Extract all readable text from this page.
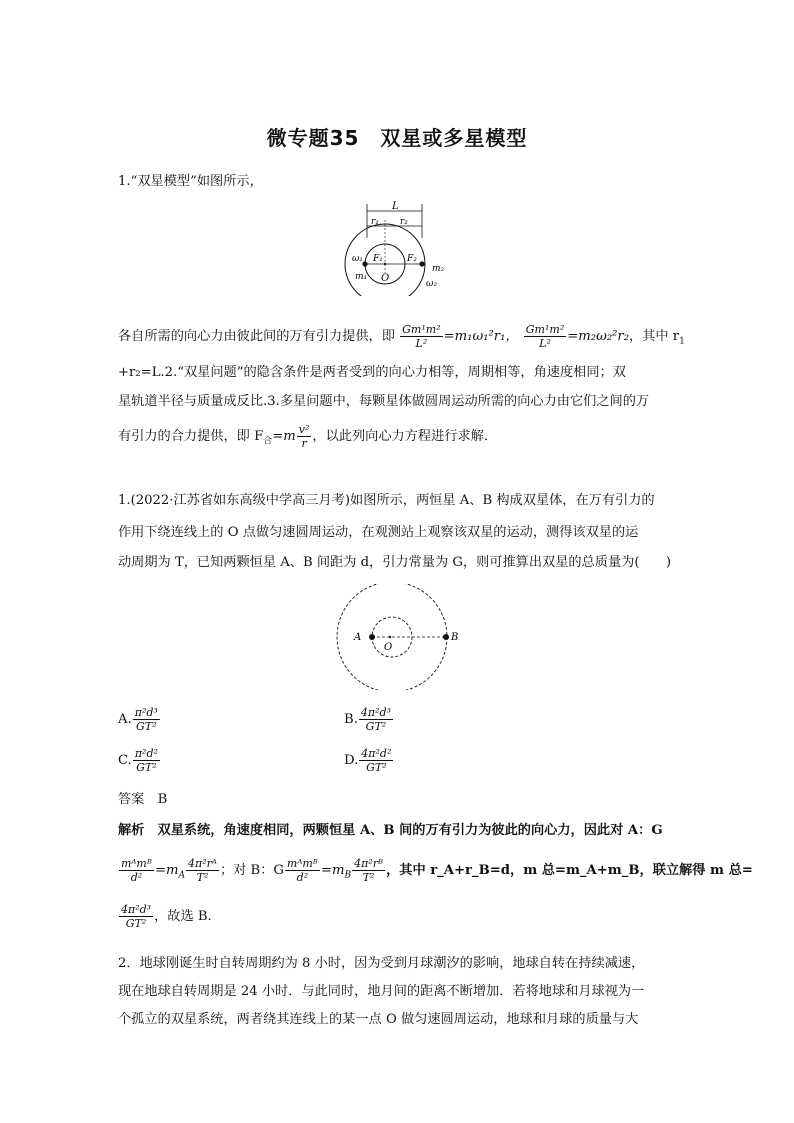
微专题35　双星或多星模型
1.“双星模型”如图所示，
L
r₁ r₂
ω₁ F₁	F₂
m₂
m₁ O	ω₂
各自所需的向心力由彼此间的万有引力提供，即 $\frac{\text{Gm¹m²}}{\text{L²}} =m_1\omega_1^2r_1$， $\frac{\text{Gm¹m²}}{\text{L²}} =m_2\omega_2^2r_2$，其中 $r_1$
+r₂=L.2.“双星问题”的隐含条件是两者受到的向心力相等，周期相等，角速度相同；双
星轨道半径与质量成反比.3.多星问题中，每颗星体做圆周运动所需的向心力由它们之间的万
有引力的合力提供，即 $F_合=m \frac{\text{v²}}{r}$ ，以此列向心力方程进行求解．
1.(2022·江苏省如东高级中学高三月考)如图所示，两恒星 A、B 构成双星体，在万有引力的
作用下绕连线上的 O 点做匀速圆周运动，在观测站上观察该双星的运动，测得该双星的运
动周期为 T，已知两颗恒星 A、B 间距为 d，引力常量为 G，则可推算出双星的总质量为(　　)
A	B
O
A. $\frac{\text{π²d³}}{\text{GT²}}$	B. $\frac{\text{4π²d³}}{\text{GT²}}$
C. $\frac{\text{π²d²}}{\text{GT²}}$	D. $\frac{\text{4π²d²}}{\text{GT²}}$
答案　 B
解析　双星系统，角速度相同，两颗恒星 A、B 间的万有引力为彼此的向心力，因此对 A：G
$\frac{\text{mᴬmᴮ}}{\text{d²}} =m_A \frac{\text{4π²rᴬ}}{\text{T²}}$ ；对 B：G $\frac{\text{mᴬmᴮ}}{\text{d²}} =m_B \frac{\text{4π²rᴮ}}{\text{T²}}$ ，其中 r_A+r_B=d，m 总=m_A+m_B，联立解得 m 总=
$\frac{\text{4π²d³}}{\text{GT²}}$ ，故选 B.
2．地球刚诞生时自转周期约为 8 小时，因为受到月球潮汐的影响，地球自转在持续减速，
现在地球自转周期是 24 小时．与此同时，地月间的距离不断增加．若将地球和月球视为一
个孤立的双星系统，两者绕其连线上的某一点 O 做匀速圆周运动，地球和月球的质量与大
